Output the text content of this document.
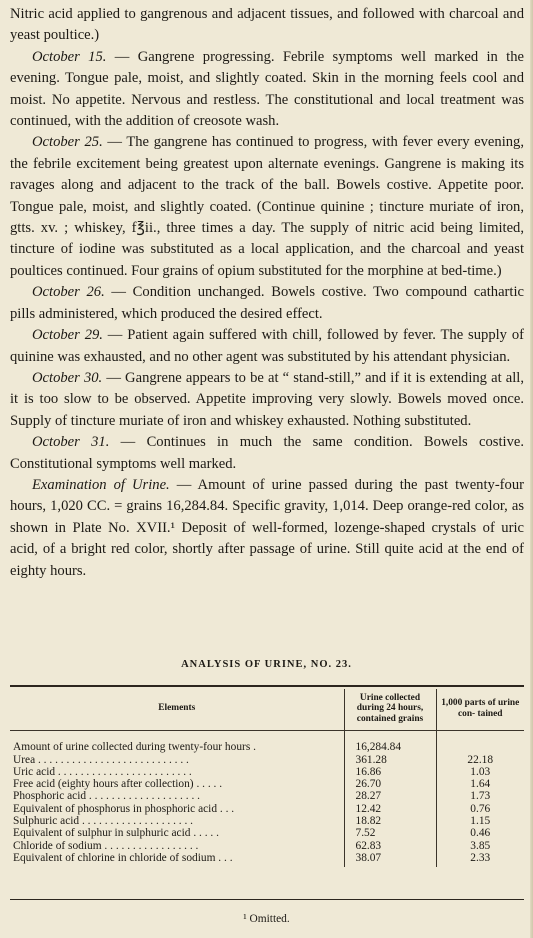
Nitric acid applied to gangrenous and adjacent tissues, and followed with charcoal and yeast poultice.)

October 15. — Gangrene progressing. Febrile symptoms well marked in the evening. Tongue pale, moist, and slightly coated. Skin in the morning feels cool and moist. No appetite. Nervous and restless. The constitutional and local treatment was continued, with the addition of creosote wash.

October 25. — The gangrene has continued to progress, with fever every evening, the febrile excitement being greatest upon alternate evenings. Gangrene is making its ravages along and adjacent to the track of the ball. Bowels costive. Appetite poor. Tongue pale, moist, and slightly coated. (Continue quinine ; tincture muriate of iron, gtts. xv. ; whiskey, f℥ii., three times a day. The supply of nitric acid being limited, tincture of iodine was substituted as a local application, and the charcoal and yeast poultices continued. Four grains of opium substituted for the morphine at bed-time.)

October 26. — Condition unchanged. Bowels costive. Two compound cathartic pills administered, which produced the desired effect.

October 29. — Patient again suffered with chill, followed by fever. The supply of quinine was exhausted, and no other agent was substituted by his attendant physician.

October 30. — Gangrene appears to be at “ stand-still,” and if it is extending at all, it is too slow to be observed. Appetite improving very slowly. Bowels moved once. Supply of tincture muriate of iron and whiskey exhausted. Nothing substituted.

October 31. — Continues in much the same condition. Bowels costive. Constitutional symptoms well marked.

Examination of Urine. — Amount of urine passed during the past twenty-four hours, 1,020 CC. = grains 16,284.84. Specific gravity, 1,014. Deep orange-red color, as shown in Plate No. XVII.¹ Deposit of well-formed, lozenge-shaped crystals of uric acid, of a bright red color, shortly after passage of urine. Still quite acid at the end of eighty hours.

ANALYSIS OF URINE, NO. 23.
Elements	Urine collected during 24 hours, contained grains	1,000 parts of urine con- tained
Amount of urine collected during twenty-four hours .	16,284.84	
Urea . . . . . . . . . . . . . . . . . . . . . . . . . . .	361.28	22.18
Uric acid . . . . . . . . . . . . . . . . . . . . . . . .	16.86	1.03
Free acid (eighty hours after collection) . . . . .	26.70	1.64
Phosphoric acid . . . . . . . . . . . . . . . . . . . .	28.27	1.73
Equivalent of phosphorus in phosphoric acid . . .	12.42	0.76
Sulphuric acid . . . . . . . . . . . . . . . . . . . .	18.82	1.15
Equivalent of sulphur in sulphuric acid . . . . .	7.52	0.46
Chloride of sodium . . . . . . . . . . . . . . . . .	62.83	3.85
Equivalent of chlorine in chloride of sodium . . .	38.07	2.33
¹ Omitted.
